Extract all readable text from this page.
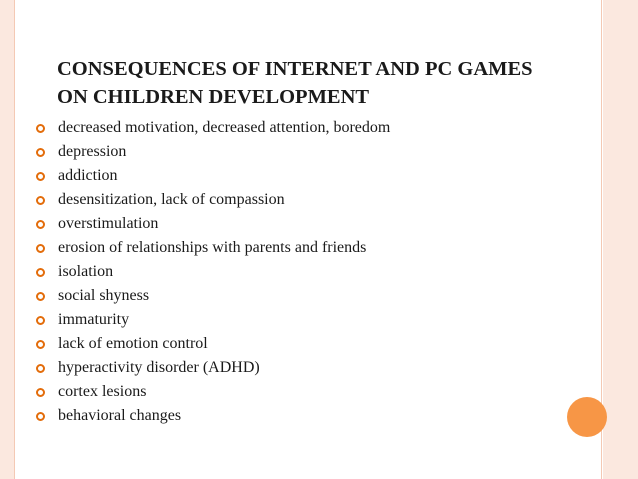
CONSEQUENCES OF INTERNET AND PC GAMES ON CHILDREN DEVELOPMENT
decreased motivation, decreased attention, boredom
depression
addiction
desensitization, lack of compassion
overstimulation
erosion of relationships with parents and friends
isolation
social shyness
immaturity
lack of emotion control
hyperactivity disorder (ADHD)
cortex lesions
behavioral changes
